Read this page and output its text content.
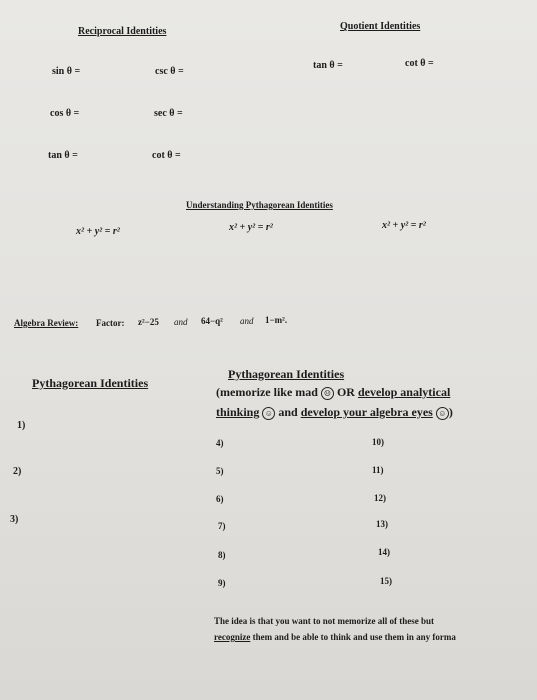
Reciprocal Identities
sin θ =	csc θ =
cos θ =	sec θ =
tan θ =	cot θ =
Quotient Identities
tan θ =	cot θ =
Understanding Pythagorean Identities
x² + y² = r²	x² + y² = r²	x² + y² = r²
Algebra Review: Factor: z²−25 and 64−q² and 1−m².
Pythagorean Identities
1)
2)
3)
Pythagorean Identities
(memorize like mad ☹ OR develop analytical
thinking ☺ and develop your algebra eyes ☺ )
4)
5)
6)
7)
8)
9)
10)
11)
12)
13)
14)
15)
The idea is that you want to not memorize all of these but
recognize them and be able to think and use them in any forma
